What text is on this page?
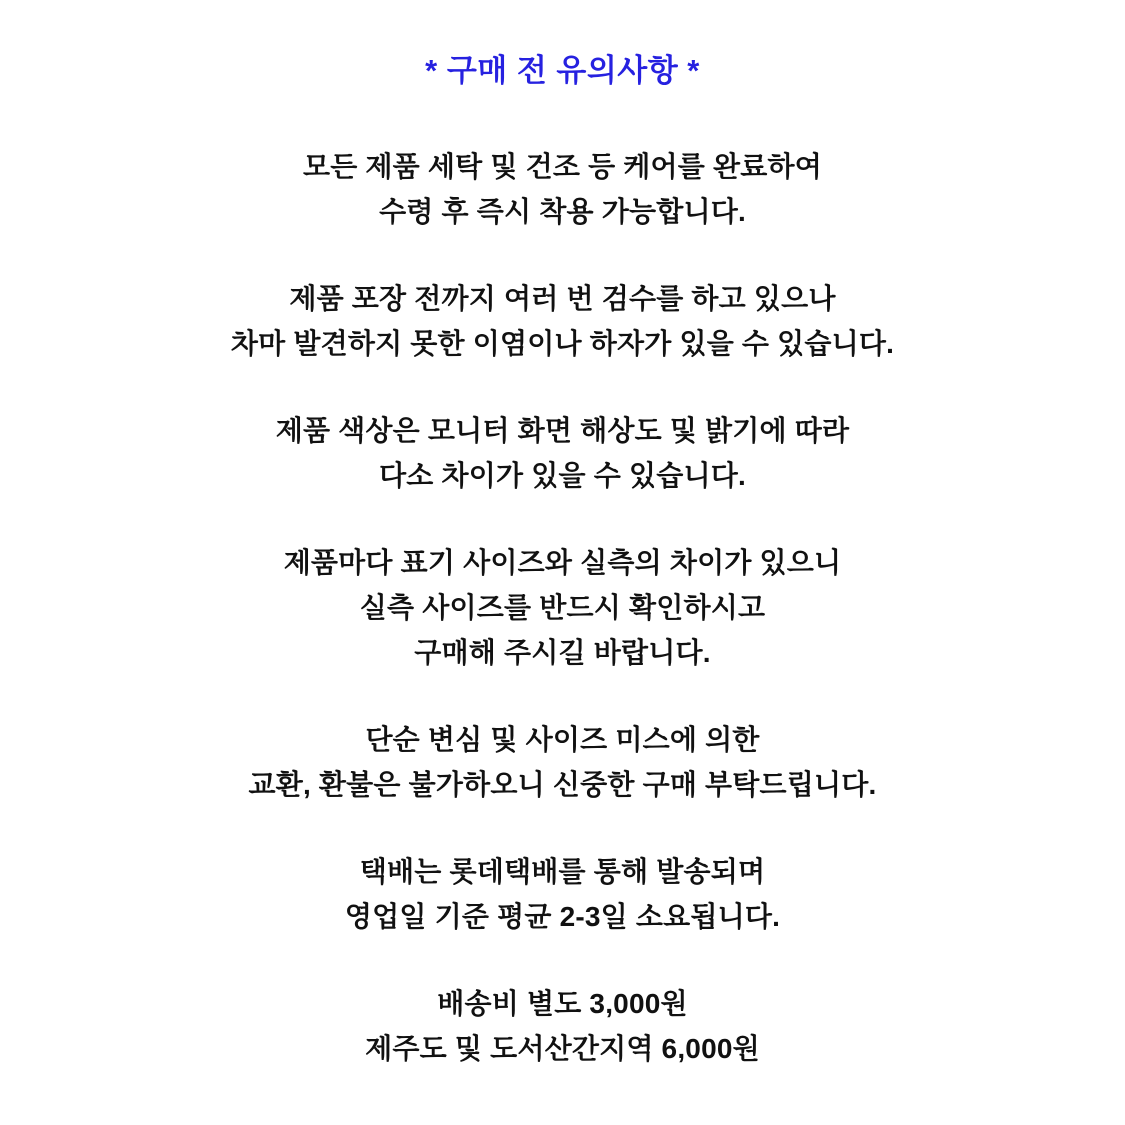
* 구매 전 유의사항 *
모든 제품 세탁 및 건조 등 케어를 완료하여
수령 후 즉시 착용 가능합니다.
제품 포장 전까지 여러 번 검수를 하고 있으나
차마 발견하지 못한 이염이나 하자가 있을 수 있습니다.
제품 색상은 모니터 화면 해상도 및 밝기에 따라
다소 차이가 있을 수 있습니다.
제품마다 표기 사이즈와 실측의 차이가 있으니
실측 사이즈를 반드시 확인하시고
구매해 주시길 바랍니다.
단순 변심 및 사이즈 미스에 의한
교환, 환불은 불가하오니 신중한 구매 부탁드립니다.
택배는 롯데택배를 통해 발송되며
영업일 기준 평균 2-3일 소요됩니다.
배송비 별도 3,000원
제주도 및 도서산간지역 6,000원
